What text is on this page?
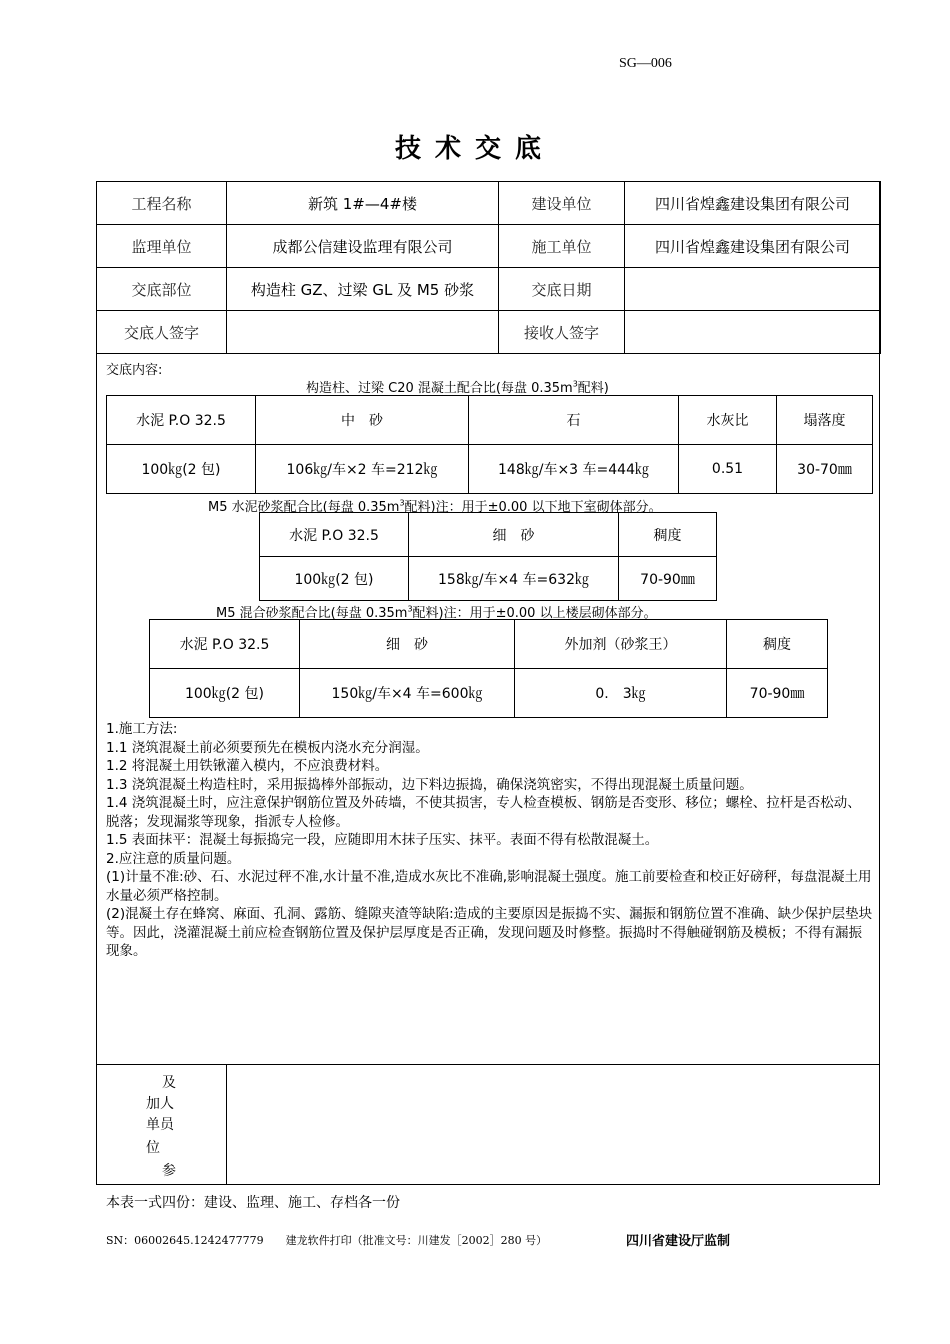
SG—006
技术交底
工程名称	新筑 1#—4#楼	建设单位	四川省煌鑫建设集团有限公司
监理单位	成都公信建设监理有限公司	施工单位	四川省煌鑫建设集团有限公司
交底部位	构造柱 GZ、过梁 GL 及 M5 砂浆	交底日期	
交底人签字		接收人签字	
交底内容:
构造柱、过梁 C20 混凝土配合比(每盘 $0.35m^3$配料)
水泥 P.O 32.5	中　砂	石	水灰比	塌落度
100㎏(2 包)	106㎏/车×2 车=212㎏	148㎏/车×3 车=444㎏	0.51	30-70㎜
M5 水泥砂浆配合比(每盘 $0.35m^3$配料)注：用于±0.00 以下地下室砌体部分。
水泥 P.O 32.5	细　砂	稠度
100㎏(2 包)	158㎏/车×4 车=632㎏	70-90㎜
M5 混合砂浆配合比(每盘 $0.35m^3$配料)注：用于±0.00 以上楼层砌体部分。
水泥 P.O 32.5	细　砂	外加剂（砂浆王）	稠度
100㎏(2 包)	150㎏/车×4 车=600㎏	0.　3㎏	70-90㎜

1.施工方法:

1.1 浇筑混凝土前必须要预先在模板内浇水充分润湿。

1.2 将混凝土用铁锹灌入模内，不应浪费材料。

1.3 浇筑混凝土构造柱时，采用振捣棒外部振动，边下料边振捣，确保浇筑密实，不得出现混凝土质量问题。

1.4 浇筑混凝土时，应注意保护钢筋位置及外砖墙，不使其损害，专人检查模板、钢筋是否变形、移位；螺栓、拉杆是否松动、脱落；发现漏浆等现象，指派专人检修。

1.5 表面抹平：混凝土每振捣完一段，应随即用木抹子压实、抹平。表面不得有松散混凝土。

2.应注意的质量问题。

(1)计量不准:砂、石、水泥过秤不准,水计量不准,造成水灰比不准确,影响混凝土强度。施工前要检查和校正好磅秤，每盘混凝土用水量必须严格控制。

(2)混凝土存在蜂窝、麻面、孔洞、露筋、缝隙夹渣等缺陷:造成的主要原因是振捣不实、漏振和钢筋位置不准确、缺少保护层垫块等。因此，浇灌混凝土前应检查钢筋位置及保护层厚度是否正确，发现问题及时修整。振捣时不得触碰钢筋及模板；不得有漏振现象。

及
加人
单员
位
参
本表一式四份：建设、监理、施工、存档各一份
SN：06002645.1242477779　　建龙软件打印（批准文号：川建发［2002］280 号）	四川省建设厅监制
